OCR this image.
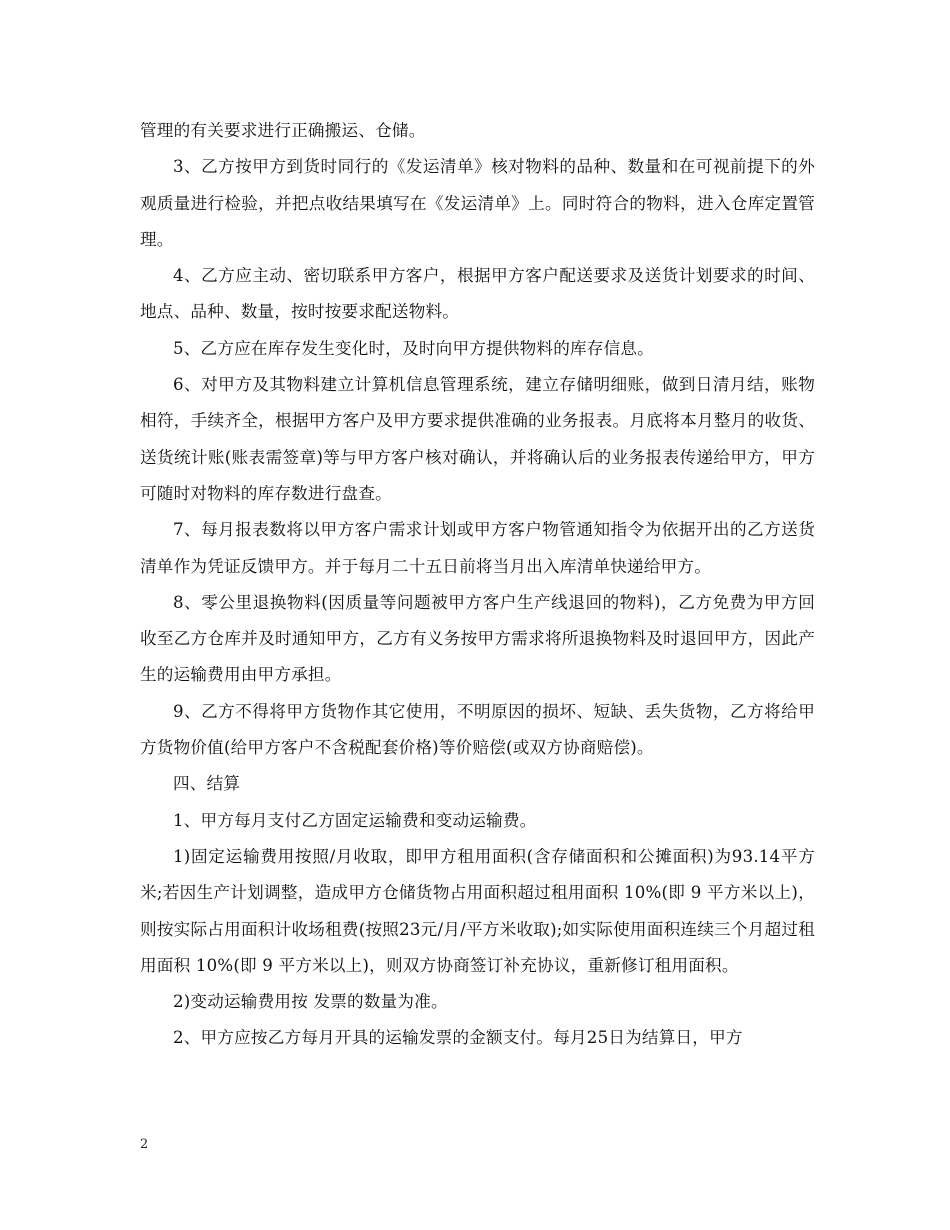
管理的有关要求进行正确搬运、仓储。

3、乙方按甲方到货时同行的《发运清单》核对物料的品种、数量和在可视前提下的外观质量进行检验，并把点收结果填写在《发运清单》上。同时符合的物料，进入仓库定置管理。

4、乙方应主动、密切联系甲方客户，根据甲方客户配送要求及送货计划要求的时间、地点、品种、数量，按时按要求配送物料。

5、乙方应在库存发生变化时，及时向甲方提供物料的库存信息。

6、对甲方及其物料建立计算机信息管理系统，建立存储明细账，做到日清月结，账物相符，手续齐全，根据甲方客户及甲方要求提供准确的业务报表。月底将本月整月的收货、送货统计账(账表需签章)等与甲方客户核对确认，并将确认后的业务报表传递给甲方，甲方可随时对物料的库存数进行盘查。

7、每月报表数将以甲方客户需求计划或甲方客户物管通知指令为依据开出的乙方送货清单作为凭证反馈甲方。并于每月二十五日前将当月出入库清单快递给甲方。

8、零公里退换物料(因质量等问题被甲方客户生产线退回的物料)，乙方免费为甲方回收至乙方仓库并及时通知甲方，乙方有义务按甲方需求将所退换物料及时退回甲方，因此产生的运输费用由甲方承担。

9、乙方不得将甲方货物作其它使用，不明原因的损坏、短缺、丢失货物，乙方将给甲方货物价值(给甲方客户不含税配套价格)等价赔偿(或双方协商赔偿)。

四、结算

1、甲方每月支付乙方固定运输费和变动运输费。

1)固定运输费用按照/月收取，即甲方租用面积(含存储面积和公摊面积)为93.14平方米;若因生产计划调整，造成甲方仓储货物占用面积超过租用面积 10%(即 9 平方米以上)，则按实际占用面积计收场租费(按照23元/月/平方米收取);如实际使用面积连续三个月超过租用面积 10%(即 9 平方米以上)，则双方协商签订补充协议，重新修订租用面积。

2)变动运输费用按 发票的数量为准。

2、甲方应按乙方每月开具的运输发票的金额支付。每月25日为结算日，甲方

2
